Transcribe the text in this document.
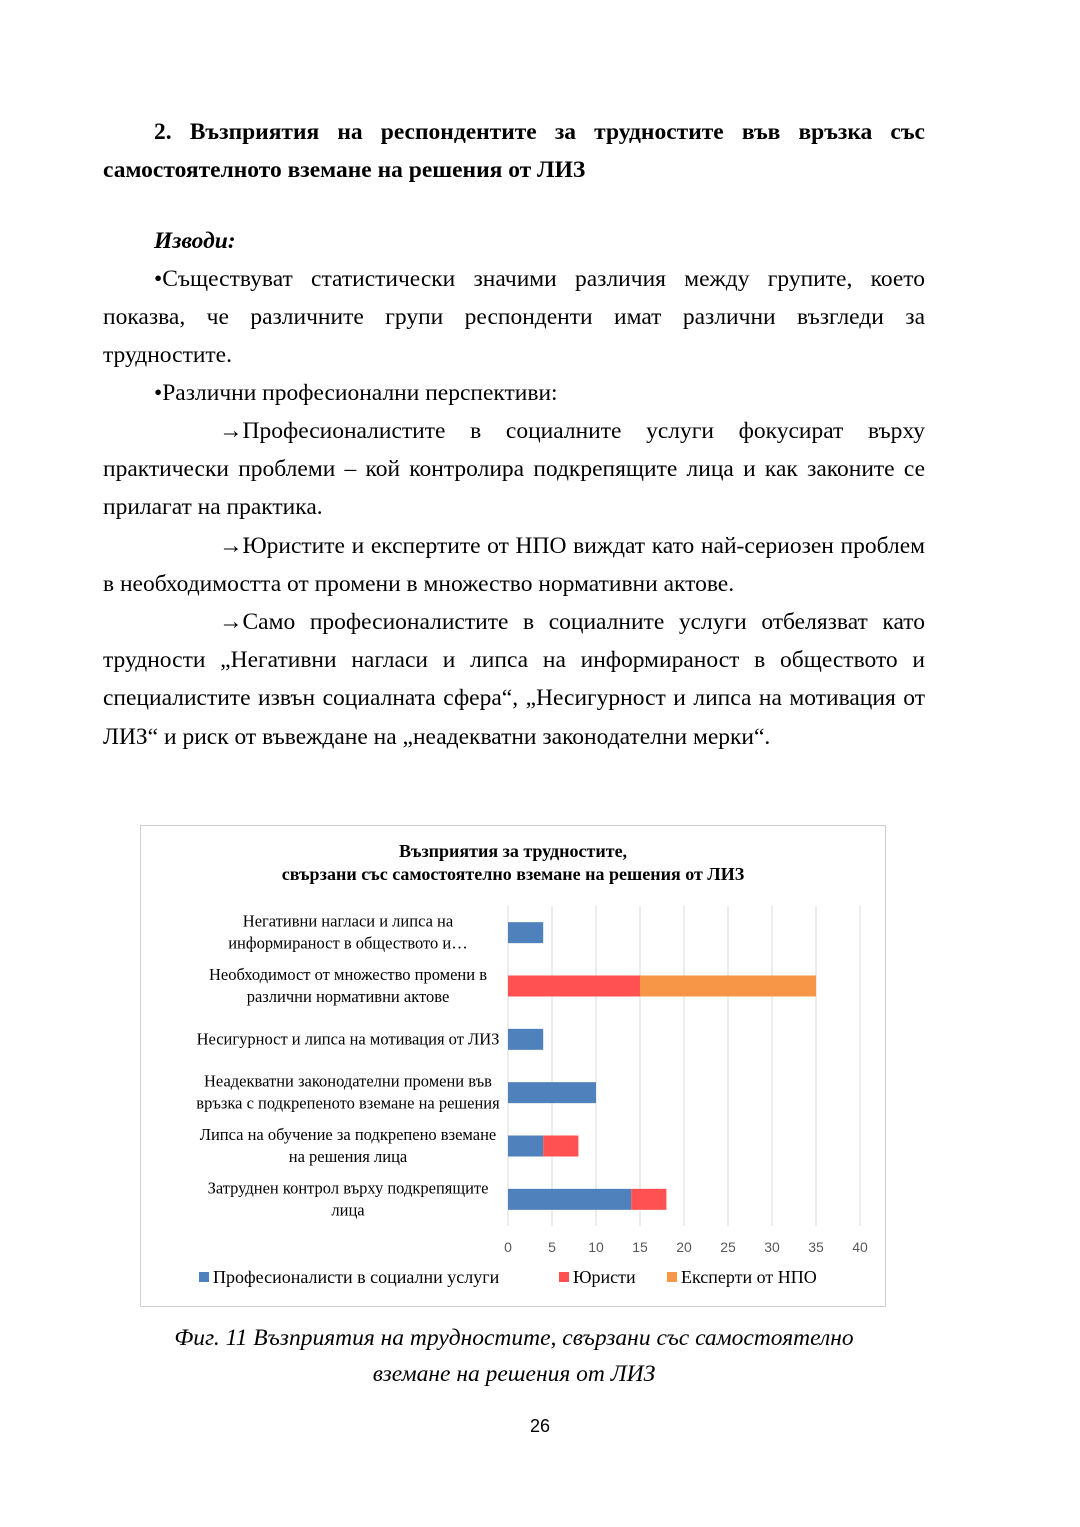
2. Възприятия на респондентите за трудностите във връзка със
самостоятелното вземане на решения от ЛИЗ
Изводи:
•Съществуват статистически значими различия между групите, което показва, че различните групи респонденти имат различни възгледи за трудностите.
•Различни професионални перспективи:
→Професионалистите в социалните услуги фокусират върху практически проблеми – кой контролира подкрепящите лица и как законите се прилагат на практика.
→Юристите и експертите от НПО виждат като най-сериозен проблем в необходимостта от промени в множество нормативни актове.
→Само професионалистите в социалните услуги отбелязват като трудности „Негативни нагласи и липса на информираност в обществото и специалистите извън социалната сфера“, „Несигурност и липса на мотивация от ЛИЗ“ и риск от въвеждане на „неадекватни законодателни мерки“.
Възприятия за трудностите,
свързани със самостоятелно вземане на решения от ЛИЗ
0	5 10 15 20 25 30 35 40
Негативни нагласи и липса на информираност в обществото и…
Необходимост от множество промени в различни нормативни актове
Несигурност и липса на мотивация от ЛИЗ
Неадекватни законодателни промени във връзка с подкрепеното вземане на решения
Липса на обучение за подкрепено вземане на решения лица
Затруднен контрол върху подкрепящите лица
Професионалисти в социални услуги	Юристи	Експерти от НПО
Фиг. 11 Възприятия на трудностите, свързани със самостоятелно
вземане на решения от ЛИЗ
26
